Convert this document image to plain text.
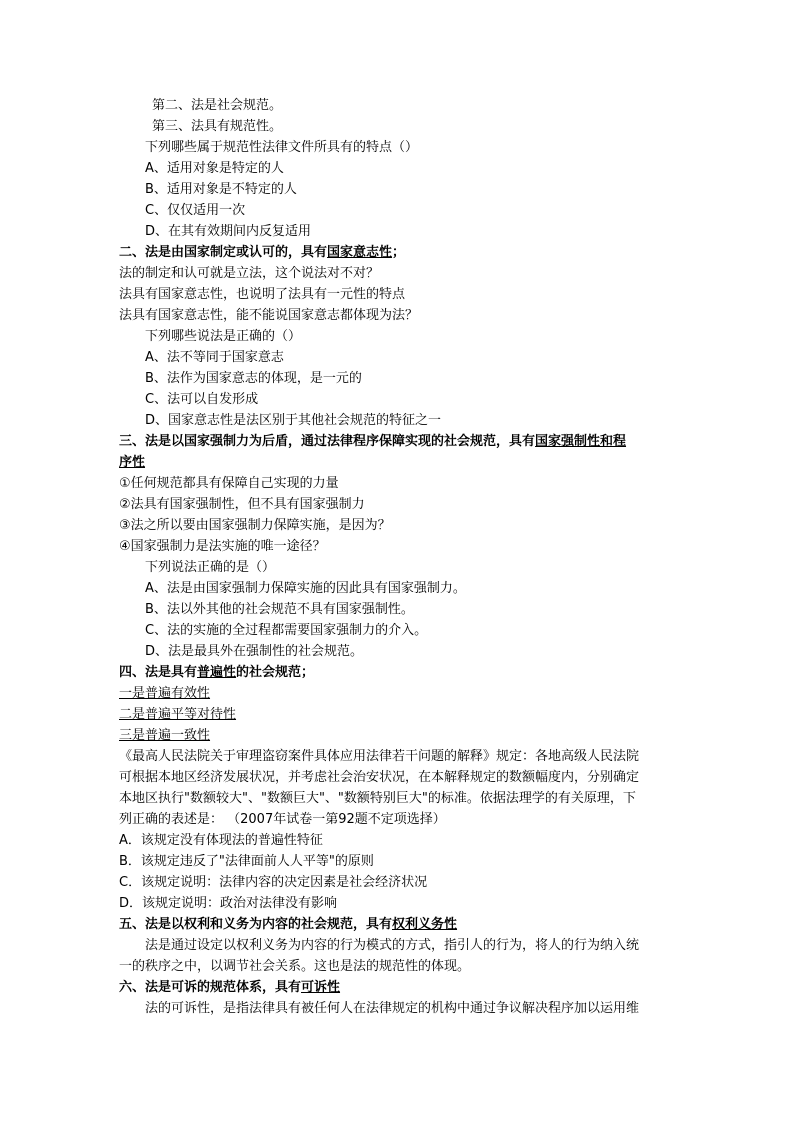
第二、法是社会规范。
第三、法具有规范性。
下列哪些属于规范性法律文件所具有的特点（）
A、适用对象是特定的人
B、适用对象是不特定的人
C、仅仅适用一次
D、在其有效期间内反复适用
二、法是由国家制定或认可的，具有国家意志性；
法的制定和认可就是立法，这个说法对不对？
法具有国家意志性，也说明了法具有一元性的特点
法具有国家意志性，能不能说国家意志都体现为法？
下列哪些说法是正确的（）
A、法不等同于国家意志
B、法作为国家意志的体现，是一元的
C、法可以自发形成
D、国家意志性是法区别于其他社会规范的特征之一
三、法是以国家强制力为后盾，通过法律程序保障实现的社会规范，具有国家强制性和程
序性
①任何规范都具有保障自己实现的力量
②法具有国家强制性，但不具有国家强制力
③法之所以要由国家强制力保障实施，是因为？
④国家强制力是法实施的唯一途径？
下列说法正确的是（）
A、法是由国家强制力保障实施的因此具有国家强制力。
B、法以外其他的社会规范不具有国家强制性。
C、法的实施的全过程都需要国家强制力的介入。
D、法是最具外在强制性的社会规范。
四、法是具有普遍性的社会规范；
一是普遍有效性
二是普遍平等对待性
三是普遍一致性
《最高人民法院关于审理盗窃案件具体应用法律若干问题的解释》规定：各地高级人民法院
可根据本地区经济发展状况，并考虑社会治安状况，在本解释规定的数额幅度内，分别确定
本地区执行"数额较大"、"数额巨大"、"数额特别巨大"的标准。依据法理学的有关原理，下
列正确的表述是： （2007年试卷一第92题不定项选择）
A．该规定没有体现法的普遍性特征
B．该规定违反了"法律面前人人平等"的原则
C．该规定说明：法律内容的决定因素是社会经济状况
D．该规定说明：政治对法律没有影响
五、法是以权利和义务为内容的社会规范，具有权利义务性
法是通过设定以权利义务为内容的行为模式的方式，指引人的行为，将人的行为纳入统
一的秩序之中，以调节社会关系。这也是法的规范性的体现。
六、法是可诉的规范体系，具有可诉性
法的可诉性，是指法律具有被任何人在法律规定的机构中通过争议解决程序加以运用维
